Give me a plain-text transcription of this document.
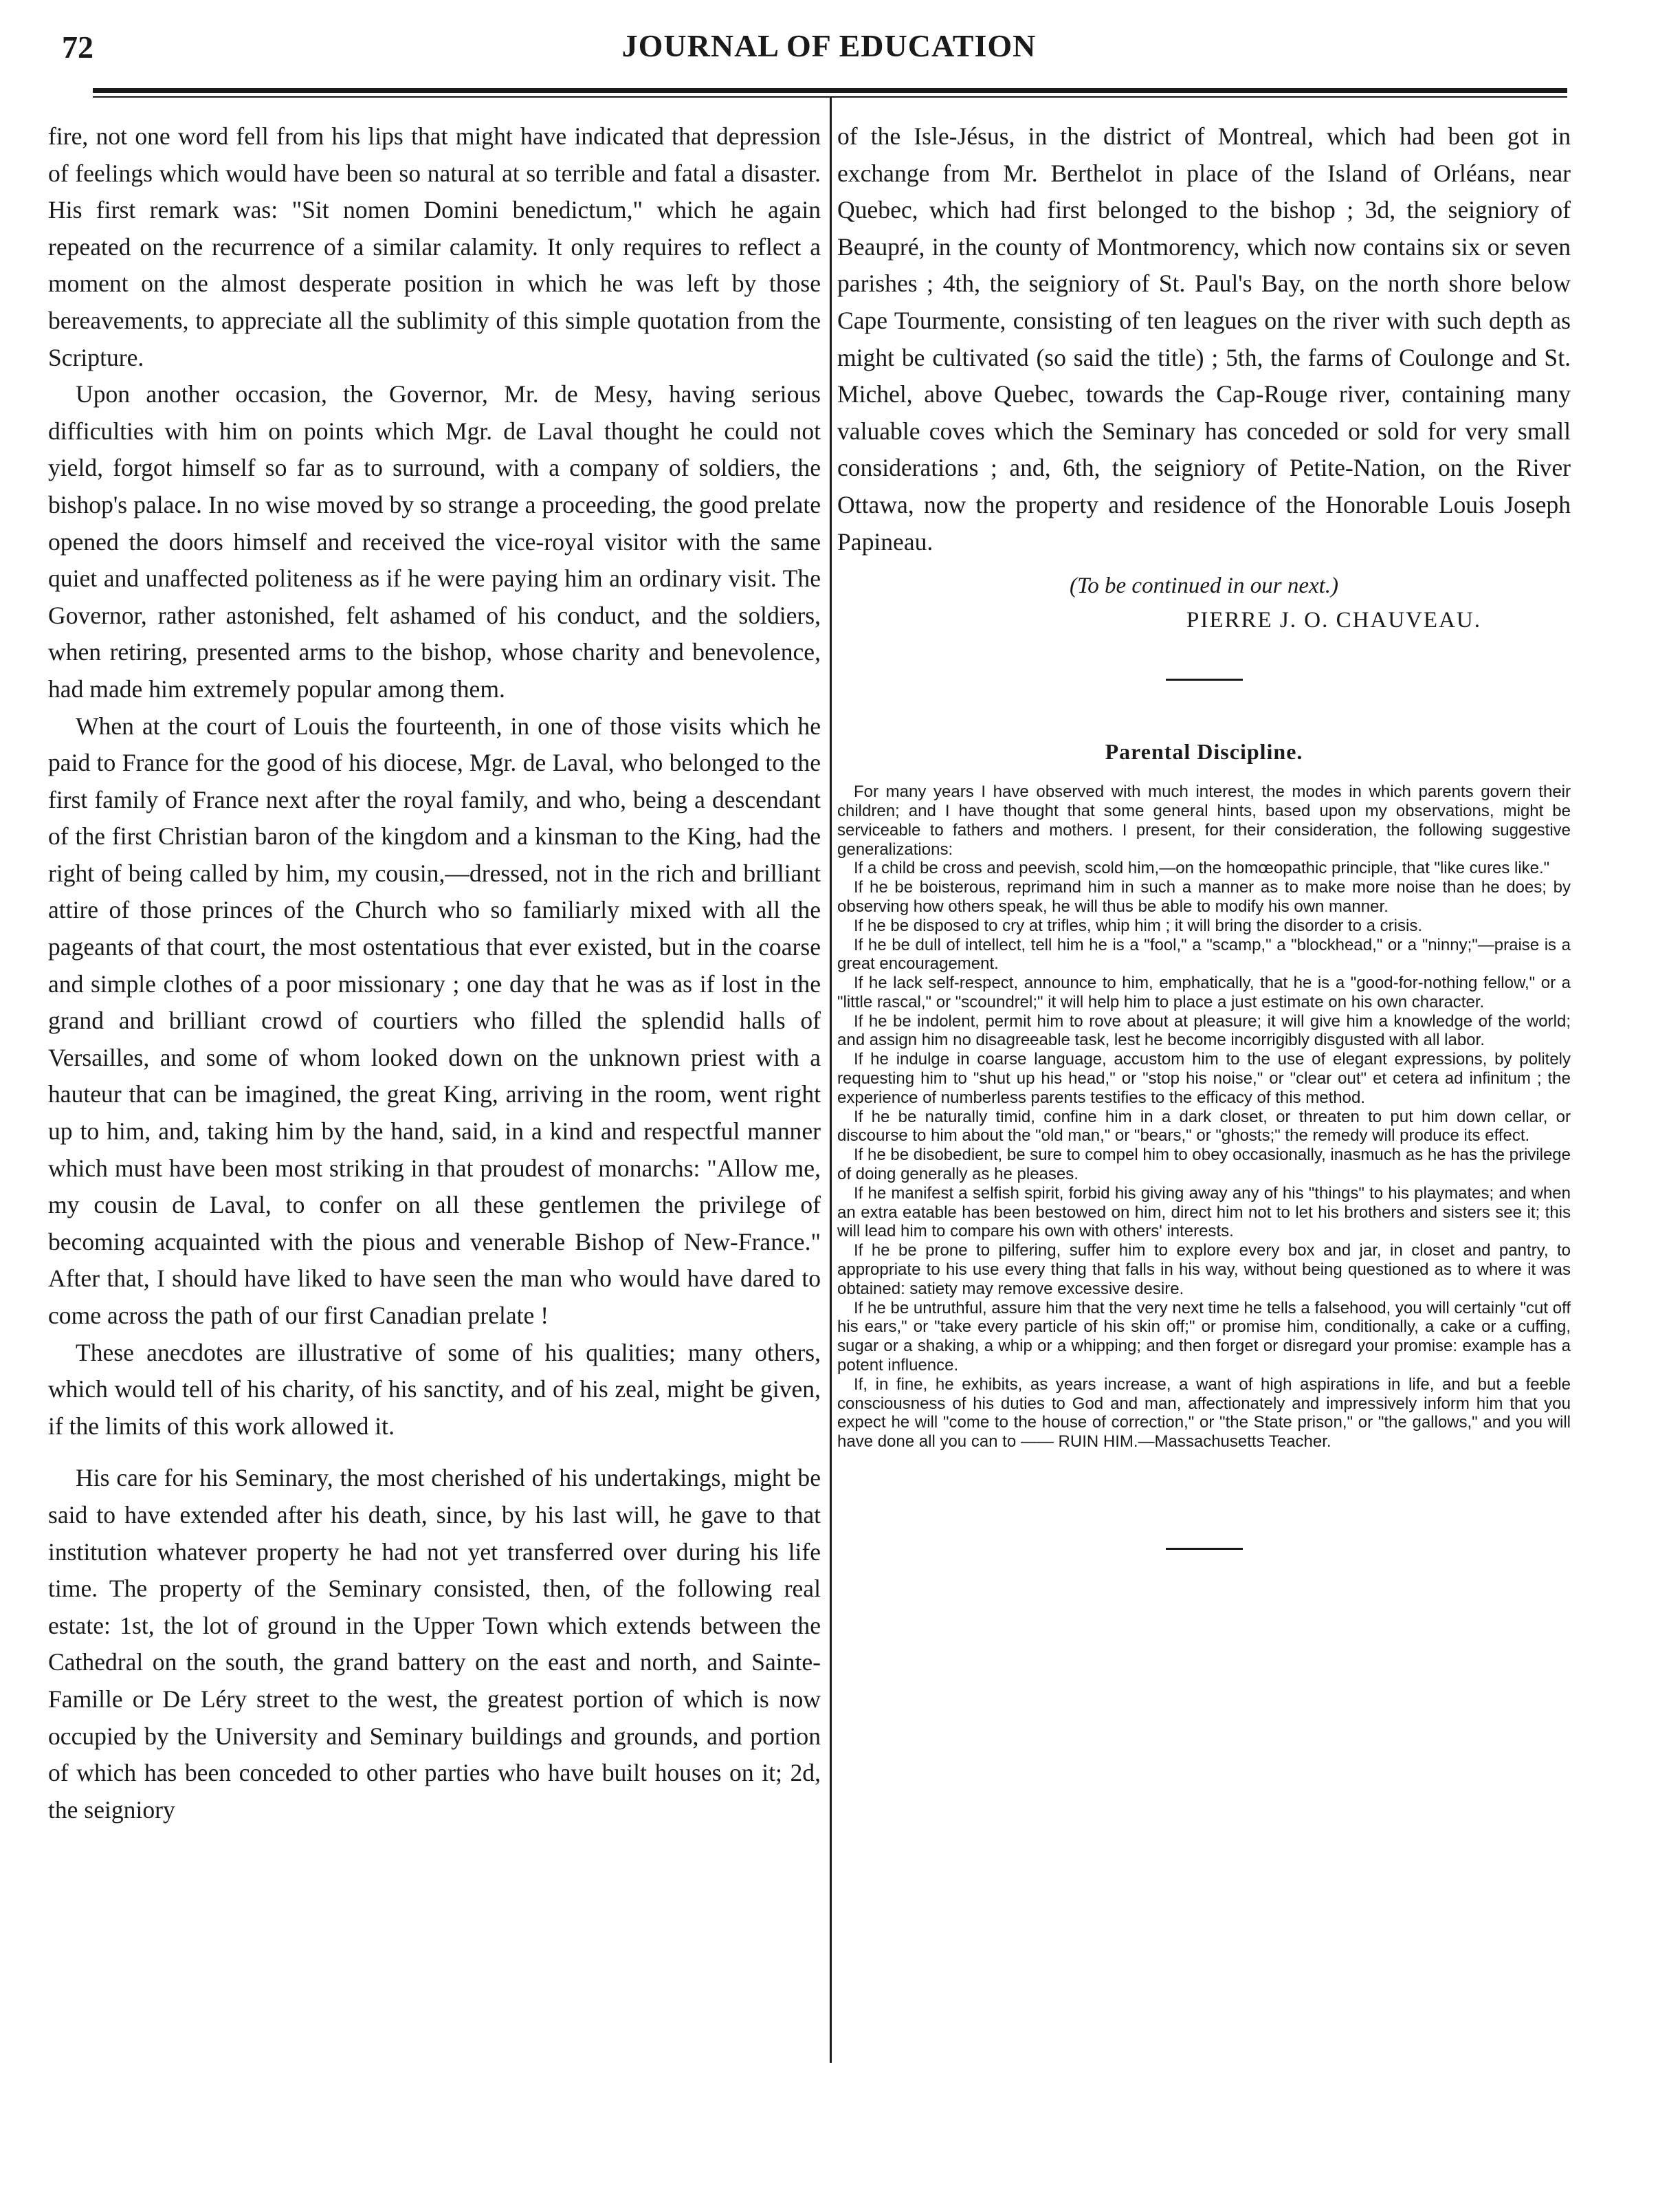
72	JOURNAL OF EDUCATION

fire, not one word fell from his lips that might have indicated that depression of feelings which would have been so natural at so terrible and fatal a disaster. His first remark was: "Sit nomen Domini benedictum," which he again repeated on the recurrence of a similar calamity. It only requires to reflect a moment on the almost desperate position in which he was left by those bereavements, to appreciate all the sublimity of this simple quotation from the Scripture.

Upon another occasion, the Governor, Mr. de Mesy, having serious difficulties with him on points which Mgr. de Laval thought he could not yield, forgot himself so far as to surround, with a company of soldiers, the bishop's palace. In no wise moved by so strange a proceeding, the good prelate opened the doors himself and received the vice-royal visitor with the same quiet and unaffected politeness as if he were paying him an ordinary visit. The Governor, rather astonished, felt ashamed of his conduct, and the soldiers, when retiring, presented arms to the bishop, whose charity and benevolence, had made him extremely popular among them.

When at the court of Louis the fourteenth, in one of those visits which he paid to France for the good of his diocese, Mgr. de Laval, who belonged to the first family of France next after the royal family, and who, being a descendant of the first Christian baron of the kingdom and a kinsman to the King, had the right of being called by him, my cousin,—dressed, not in the rich and brilliant attire of those princes of the Church who so familiarly mixed with all the pageants of that court, the most ostentatious that ever existed, but in the coarse and simple clothes of a poor missionary ; one day that he was as if lost in the grand and brilliant crowd of courtiers who filled the splendid halls of Versailles, and some of whom looked down on the unknown priest with a hauteur that can be imagined, the great King, arriving in the room, went right up to him, and, taking him by the hand, said, in a kind and respectful manner which must have been most striking in that proudest of monarchs: "Allow me, my cousin de Laval, to confer on all these gentlemen the privilege of becoming acquainted with the pious and venerable Bishop of New-France." After that, I should have liked to have seen the man who would have dared to come across the path of our first Canadian prelate !

These anecdotes are illustrative of some of his qualities; many others, which would tell of his charity, of his sanctity, and of his zeal, might be given, if the limits of this work allowed it.

His care for his Seminary, the most cherished of his undertakings, might be said to have extended after his death, since, by his last will, he gave to that institution whatever property he had not yet transferred over during his life time. The property of the Seminary consisted, then, of the following real estate: 1st, the lot of ground in the Upper Town which extends between the Cathedral on the south, the grand battery on the east and north, and Sainte-Famille or De Léry street to the west, the greatest portion of which is now occupied by the University and Seminary buildings and grounds, and portion of which has been conceded to other parties who have built houses on it; 2d, the seigniory

of the Isle-Jésus, in the district of Montreal, which had been got in exchange from Mr. Berthelot in place of the Island of Orléans, near Quebec, which had first belonged to the bishop ; 3d, the seigniory of Beaupré, in the county of Montmorency, which now contains six or seven parishes ; 4th, the seigniory of St. Paul's Bay, on the north shore below Cape Tourmente, consisting of ten leagues on the river with such depth as might be cultivated (so said the title) ; 5th, the farms of Coulonge and St. Michel, above Quebec, towards the Cap-Rouge river, containing many valuable coves which the Seminary has conceded or sold for very small considerations ; and, 6th, the seigniory of Petite-Nation, on the River Ottawa, now the property and residence of the Honorable Louis Joseph Papineau.

(To be continued in our next.)
PIERRE J. O. CHAUVEAU.
Parental Discipline.

For many years I have observed with much interest, the modes in which parents govern their children; and I have thought that some general hints, based upon my observations, might be serviceable to fathers and mothers. I present, for their consideration, the following suggestive generalizations:

If a child be cross and peevish, scold him,—on the homœopathic principle, that "like cures like."

If he be boisterous, reprimand him in such a manner as to make more noise than he does; by observing how others speak, he will thus be able to modify his own manner.

If he be disposed to cry at trifles, whip him ; it will bring the disorder to a crisis.

If he be dull of intellect, tell him he is a "fool," a "scamp," a "blockhead," or a "ninny;"—praise is a great encouragement.

If he lack self-respect, announce to him, emphatically, that he is a "good-for-nothing fellow," or a "little rascal," or "scoundrel;" it will help him to place a just estimate on his own character.

If he be indolent, permit him to rove about at pleasure; it will give him a knowledge of the world; and assign him no disagreeable task, lest he become incorrigibly disgusted with all labor.

If he indulge in coarse language, accustom him to the use of elegant expressions, by politely requesting him to "shut up his head," or "stop his noise," or "clear out" et cetera ad infinitum ; the experience of numberless parents testifies to the efficacy of this method.

If he be naturally timid, confine him in a dark closet, or threaten to put him down cellar, or discourse to him about the "old man," or "bears," or "ghosts;" the remedy will produce its effect.

If he be disobedient, be sure to compel him to obey occasionally, inasmuch as he has the privilege of doing generally as he pleases.

If he manifest a selfish spirit, forbid his giving away any of his "things" to his playmates; and when an extra eatable has been bestowed on him, direct him not to let his brothers and sisters see it; this will lead him to compare his own with others' interests.

If he be prone to pilfering, suffer him to explore every box and jar, in closet and pantry, to appropriate to his use every thing that falls in his way, without being questioned as to where it was obtained: satiety may remove excessive desire.

If he be untruthful, assure him that the very next time he tells a falsehood, you will certainly "cut off his ears," or "take every particle of his skin off;" or promise him, conditionally, a cake or a cuffing, sugar or a shaking, a whip or a whipping; and then forget or disregard your promise: example has a potent influence.

If, in fine, he exhibits, as years increase, a want of high aspirations in life, and but a feeble consciousness of his duties to God and man, affectionately and impressively inform him that you expect he will "come to the house of correction," or "the State prison," or "the gallows," and you will have done all you can to —— RUIN HIM.—Massachusetts Teacher.
